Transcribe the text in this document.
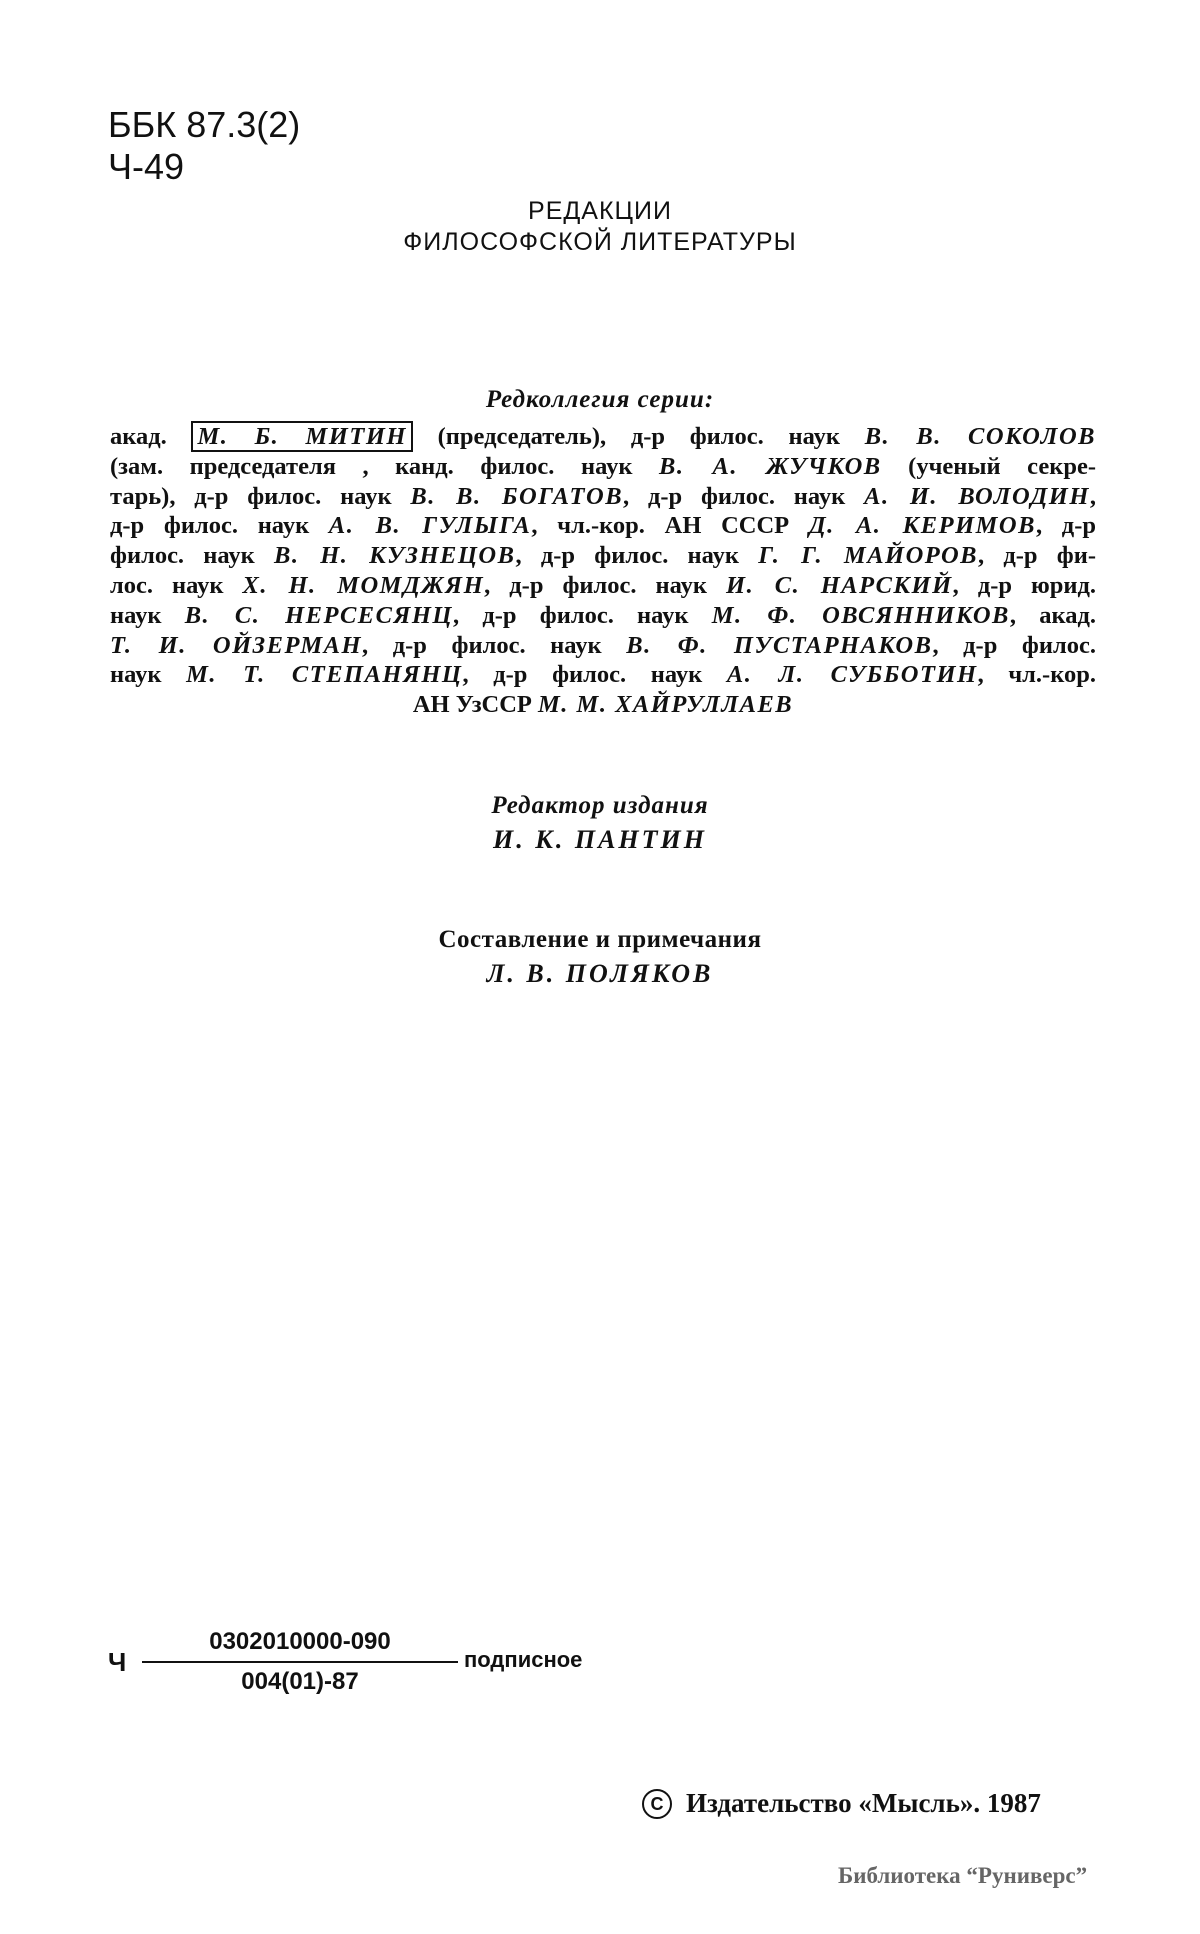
ББК 87.3(2)
Ч-49
РЕДАКЦИИ
ФИЛОСОФСКОЙ ЛИТЕРАТУРЫ
Редколлегия серии:
акад. М. Б. МИТИН (председатель), д-р филос. наук В. В. СОКОЛОВ
(зам. председателя , канд. филос. наук В. А. ЖУЧКОВ (ученый секре-
тарь), д-р филос. наук В. В. БОГАТОВ, д-р филос. наук А. И. ВОЛОДИН,
д-р филос. наук А. В. ГУЛЫГА, чл.-кор. АН СССР Д. А. КЕРИМОВ, д-р
филос. наук В. Н. КУЗНЕЦОВ, д-р филос. наук Г. Г. МАЙОРОВ, д-р фи-
лос. наук Х. Н. МОМДЖЯН, д-р филос. наук И. С. НАРСКИЙ, д-р юрид.
наук В. С. НЕРСЕСЯНЦ, д-р филос. наук М. Ф. ОВСЯННИКОВ, акад.
Т. И. ОЙЗЕРМАН, д-р филос. наук В. Ф. ПУСТАРНАКОВ, д-р филос.
наук М. Т. СТЕПАНЯНЦ, д-р филос. наук А. Л. СУББОТИН, чл.-кор.
АН УзССР М. М. ХАЙРУЛЛАЕВ
Редактор издания
И. К. ПАНТИН
Составление и примечания
Л. В. ПОЛЯКОВ
Ч
0302010000-090
004(01)-87
подписное
C Издательство «Мысль». 1987
Библиотека “Руниверс”
